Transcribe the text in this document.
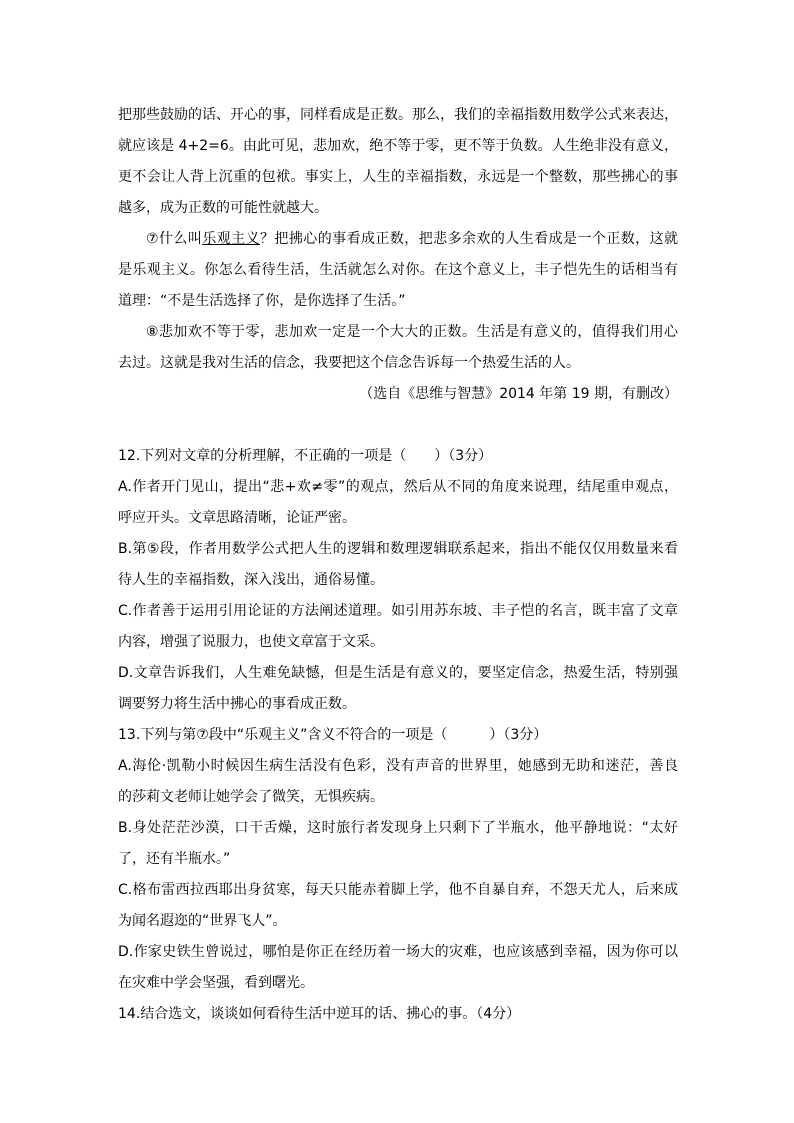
把那些鼓励的话、开心的事，同样看成是正数。那么，我们的幸福指数用数学公式来表达，
就应该是 4+2=6。由此可见，悲加欢，绝不等于零，更不等于负数。人生绝非没有意义，
更不会让人背上沉重的包袱。事实上，人生的幸福指数，永远是一个整数，那些拂心的事
越多，成为正数的可能性就越大。
⑦什么叫乐观主义？把拂心的事看成正数，把悲多余欢的人生看成是一个正数，这就
是乐观主义。你怎么看待生活，生活就怎么对你。在这个意义上，丰子恺先生的话相当有
道理：“不是生活选择了你，是你选择了生活。”
⑧悲加欢不等于零，悲加欢一定是一个大大的正数。生活是有意义的，值得我们用心
去过。这就是我对生活的信念，我要把这个信念告诉每一个热爱生活的人。
（选自《思维与智慧》2014 年第 19 期，有删改）
12.下列对文章的分析理解，不正确的一项是（　　）（3分）
A.作者开门见山，提出“悲+欢≠零”的观点，然后从不同的角度来说理，结尾重申观点，
呼应开头。文章思路清晰，论证严密。
B.第⑤段，作者用数学公式把人生的逻辑和数理逻辑联系起来，指出不能仅仅用数量来看
待人生的幸福指数，深入浅出，通俗易懂。
C.作者善于运用引用论证的方法阐述道理。如引用苏东坡、丰子恺的名言，既丰富了文章
内容，增强了说服力，也使文章富于文采。
D.文章告诉我们，人生难免缺憾，但是生活是有意义的，要坚定信念，热爱生活，特别强
调要努力将生活中拂心的事看成正数。
13.下列与第⑦段中“乐观主义”含义不符合的一项是（　　　）（3分）
A.海伦·凯勒小时候因生病生活没有色彩，没有声音的世界里，她感到无助和迷茫，善良
的莎莉文老师让她学会了微笑，无惧疾病。
B.身处茫茫沙漠，口干舌燥，这时旅行者发现身上只剩下了半瓶水，他平静地说：“太好
了，还有半瓶水。”
C.格布雷西拉西耶出身贫寒，每天只能赤着脚上学，他不自暴自弃，不怨天尤人，后来成
为闻名遐迩的“世界飞人”。
D.作家史铁生曾说过，哪怕是你正在经历着一场大的灾难，也应该感到幸福，因为你可以
在灾难中学会坚强，看到曙光。
14.结合选文，谈谈如何看待生活中逆耳的话、拂心的事。（4分）
